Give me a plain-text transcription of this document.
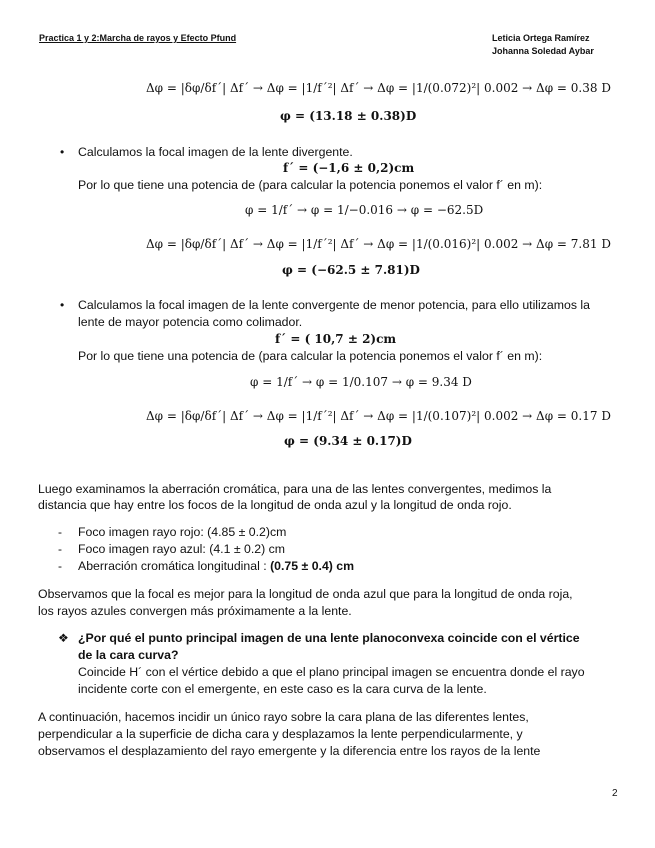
Practica 1 y 2:Marcha de rayos y Efecto Pfund	Leticia Ortega Ramírez
Johanna Soledad Aybar
Δφ = |δφ/δf´| Δf´ → Δφ = |1/f´²| Δf´ → Δφ = |1/(0.072)²| 0.002 → Δφ = 0.38 D
φ = (13.18 ± 0.38)D
• Calculamos la focal imagen de la lente divergente.
f´ = (−1,6 ± 0,2)cm
Por lo que tiene una potencia de (para calcular la potencia ponemos el valor f´ en m):
φ = 1/f´ → φ = 1/−0.016 → φ = −62.5D
Δφ = |δφ/δf´| Δf´ → Δφ = |1/f´²| Δf´ → Δφ = |1/(0.016)²| 0.002 → Δφ = 7.81 D
φ = (−62.5 ± 7.81)D
• Calculamos la focal imagen de la lente convergente de menor potencia, para ello utilizamos la
lente de mayor potencia como colimador.
f´ = ( 10,7 ± 2)cm
Por lo que tiene una potencia de (para calcular la potencia ponemos el valor f´ en m):
φ = 1/f´ → φ = 1/0.107 → φ = 9.34 D
Δφ = |δφ/δf´| Δf´ → Δφ = |1/f´²| Δf´ → Δφ = |1/(0.107)²| 0.002 → Δφ = 0.17 D
φ = (9.34 ± 0.17)D
Luego examinamos la aberración cromática, para una de las lentes convergentes, medimos la
distancia que hay entre los focos de la longitud de onda azul y la longitud de onda rojo.
- Foco imagen rayo rojo: (4.85 ± 0.2)cm
- Foco imagen rayo azul: (4.1 ± 0.2) cm
- Aberración cromática longitudinal : (0.75 ± 0.4) cm
Observamos que la focal es mejor para la longitud de onda azul que para la longitud de onda roja,
los rayos azules convergen más próximamente a la lente.
❖ ¿Por qué el punto principal imagen de una lente planoconvexa coincide con el vértice
de la cara curva?
Coincide H´ con el vértice debido a que el plano principal imagen se encuentra donde el rayo
incidente corte con el emergente, en este caso es la cara curva de la lente.
A continuación, hacemos incidir un único rayo sobre la cara plana de las diferentes lentes,
perpendicular a la superficie de dicha cara y desplazamos la lente perpendicularmente, y
observamos el desplazamiento del rayo emergente y la diferencia entre los rayos de la lente
2
